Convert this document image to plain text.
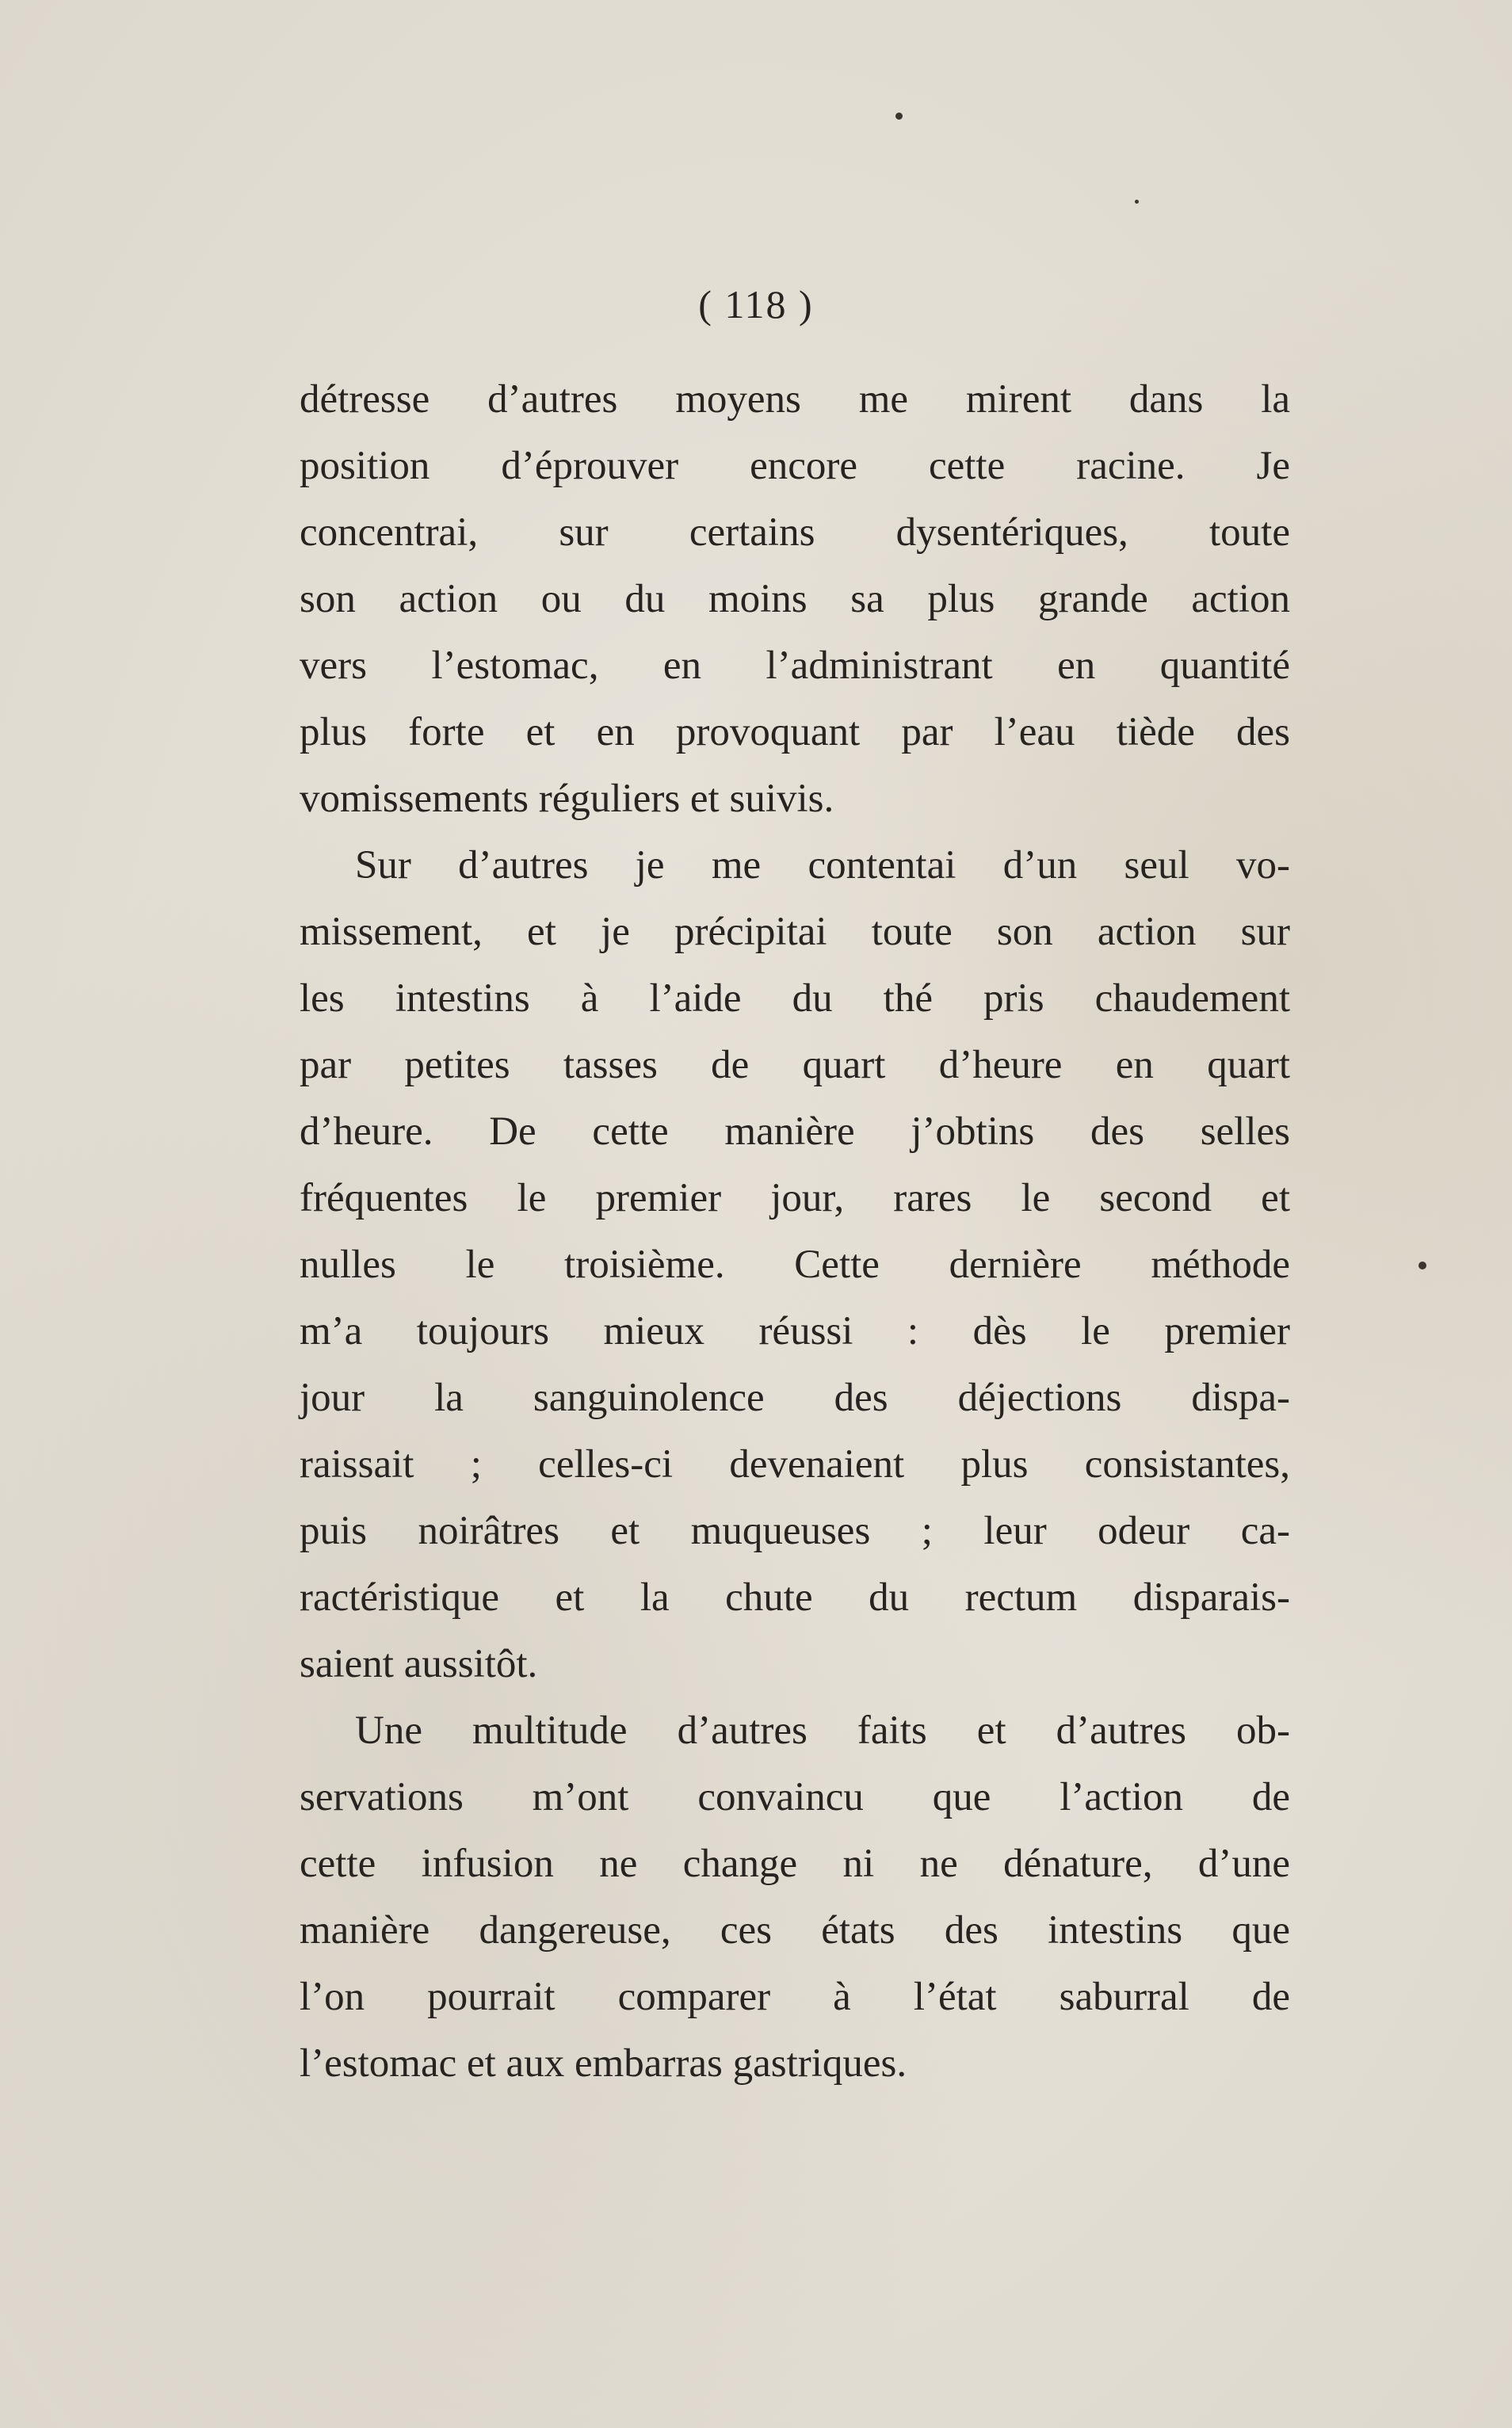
( 118 )
détresse d’autres moyens me mirent dans la
position d’éprouver encore cette racine. Je
concentrai, sur certains dysentériques, toute
son action ou du moins sa plus grande action
vers l’estomac, en l’administrant en quantité
plus forte et en provoquant par l’eau tiède des
vomissements réguliers et suivis.
Sur d’autres je me contentai d’un seul vo-
missement, et je précipitai toute son action sur
les intestins à l’aide du thé pris chaudement
par petites tasses de quart d’heure en quart
d’heure. De cette manière j’obtins des selles
fréquentes le premier jour, rares le second et
nulles le troisième. Cette dernière méthode
m’a toujours mieux réussi : dès le premier
jour la sanguinolence des déjections dispa-
raissait ; celles-ci devenaient plus consistantes,
puis noirâtres et muqueuses ; leur odeur ca-
ractéristique et la chute du rectum disparais-
saient aussitôt.
Une multitude d’autres faits et d’autres ob-
servations m’ont convaincu que l’action de
cette infusion ne change ni ne dénature, d’une
manière dangereuse, ces états des intestins que
l’on pourrait comparer à l’état saburral de
l’estomac et aux embarras gastriques.
